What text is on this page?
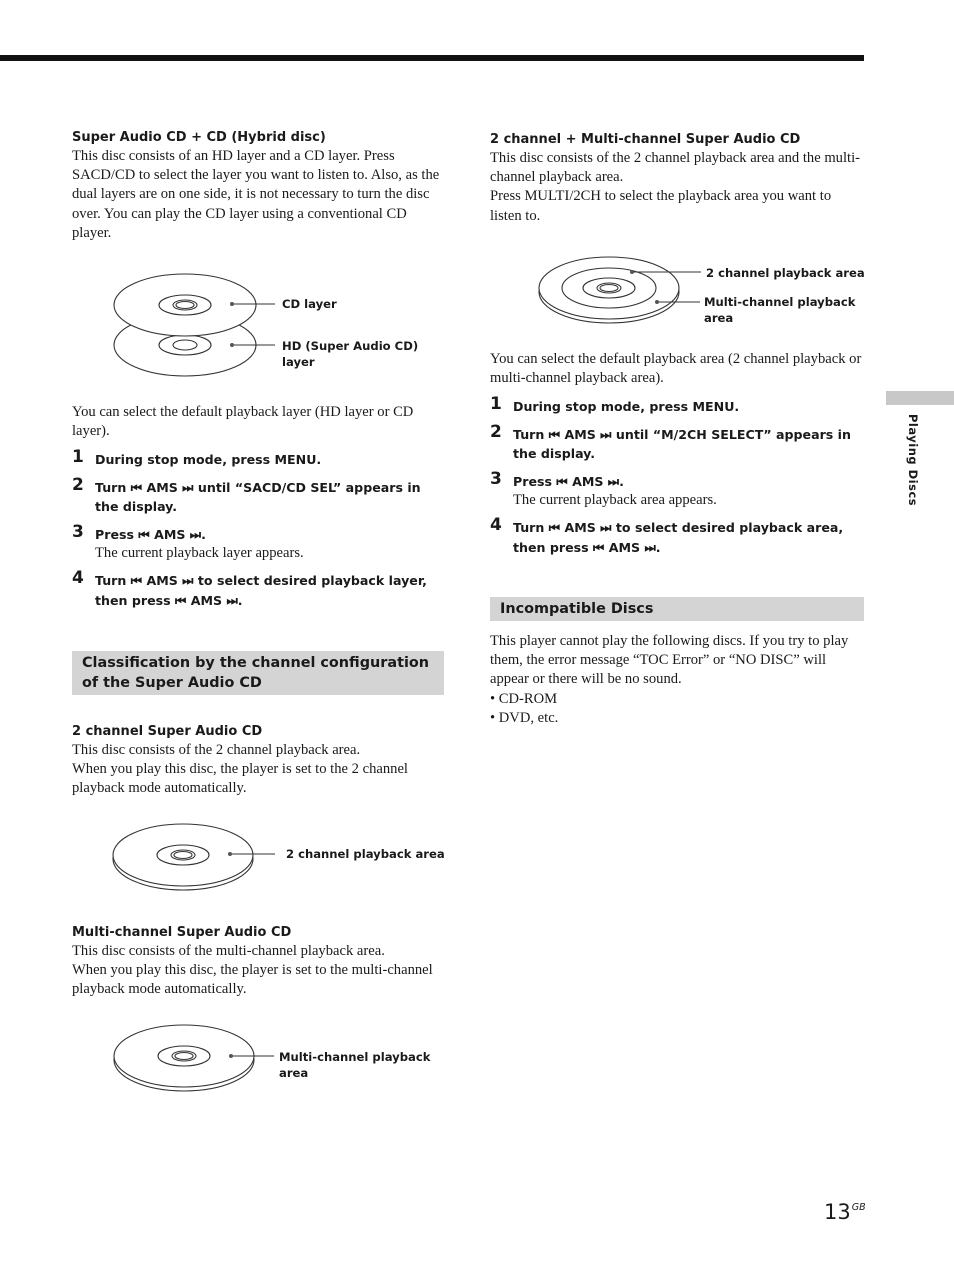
Super Audio CD + CD (Hybrid disc)

This disc consists of an HD layer and a CD layer. Press SACD/CD to select the layer you want to listen to. Also, as the dual layers are on one side, it is not necessary to turn the disc over. You can play the CD layer using a conventional CD player.

CD layer
HD (Super Audio CD)
layer

You can select the default playback layer (HD layer or CD layer).

1 During stop mode, press MENU.
2 Turn ⏮ AMS ⏭ until “SACD/CD SEL” appears in the display.
3 Press ⏮ AMS ⏭.
The current playback layer appears.
4 Turn ⏮ AMS ⏭ to select desired playback layer, then press ⏮ AMS ⏭.
Classification by the channel configuration of the Super Audio CD

2 channel Super Audio CD

This disc consists of the 2 channel playback area.
When you play this disc, the player is set to the 2 channel playback mode automatically.

2 channel playback area

Multi-channel Super Audio CD

This disc consists of the multi-channel playback area.
When you play this disc, the player is set to the multi-channel playback mode automatically.

Multi-channel playback
area

2 channel + Multi-channel Super Audio CD

This disc consists of the 2 channel playback area and the multi-channel playback area.
Press MULTI/2CH to select the playback area you want to listen to.

2 channel playback area
Multi-channel playback
area

You can select the default playback area (2 channel playback or multi-channel playback area).

1 During stop mode, press MENU.
2 Turn ⏮ AMS ⏭ until “M/2CH SELECT” appears in the display.
3 Press ⏮ AMS ⏭.
The current playback area appears.
4 Turn ⏮ AMS ⏭ to select desired playback area, then press ⏮ AMS ⏭.
Incompatible Discs

This player cannot play the following discs. If you try to play them, the error message “TOC Error” or “NO DISC” will appear or there will be no sound.

• CD-ROM

• DVD, etc.

Playing Discs
$13^{GB}$
